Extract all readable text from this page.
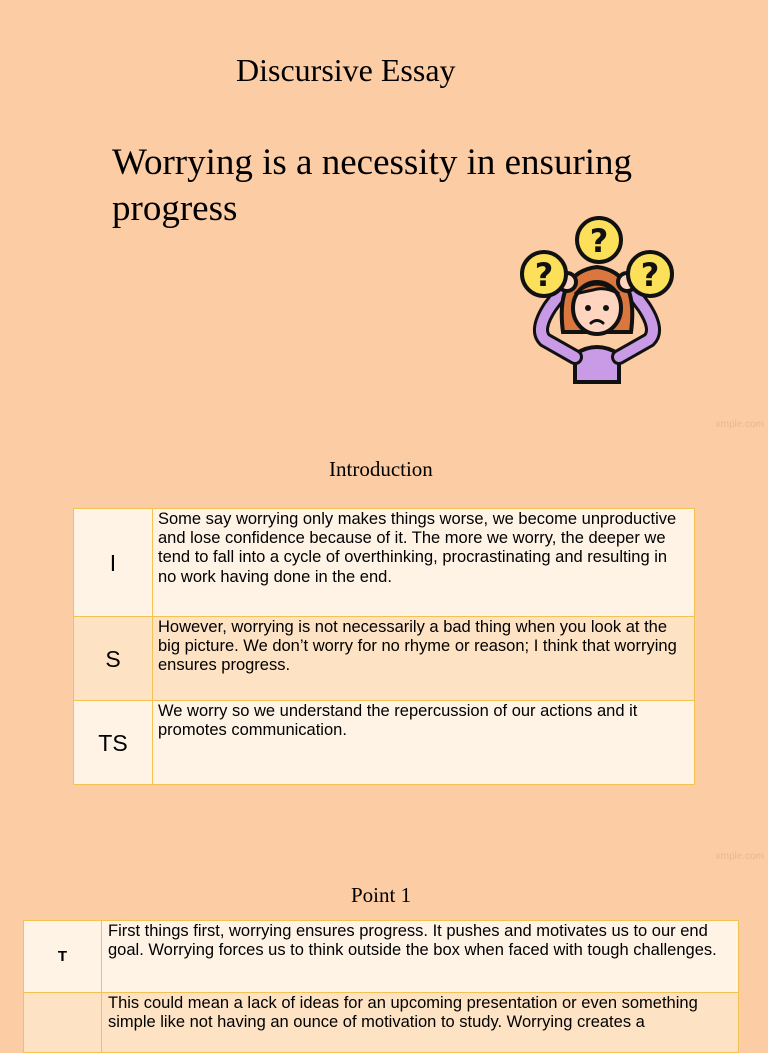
Discursive Essay
Worrying is a necessity in ensuring progress
?
?	?
xmple.com
Introduction
I	Some say worrying only makes things worse, we become unproductive and lose confidence because of it. The more we worry, the deeper we tend to fall into a cycle of overthinking, procrastinating and resulting in no work having done in the end.
S	However, worrying is not necessarily a bad thing when you look at the big picture. We don’t worry for no rhyme or reason; I think that worrying ensures progress.
TS	We worry so we understand the repercussion of our actions and it promotes communication.
xmple.com
Point 1
T	First things first, worrying ensures progress. It pushes and motivates us to our end goal. Worrying forces us to think outside the box when faced with tough challenges.
	This could mean a lack of ideas for an upcoming presentation or even something simple like not having an ounce of motivation to study. Worrying creates a
